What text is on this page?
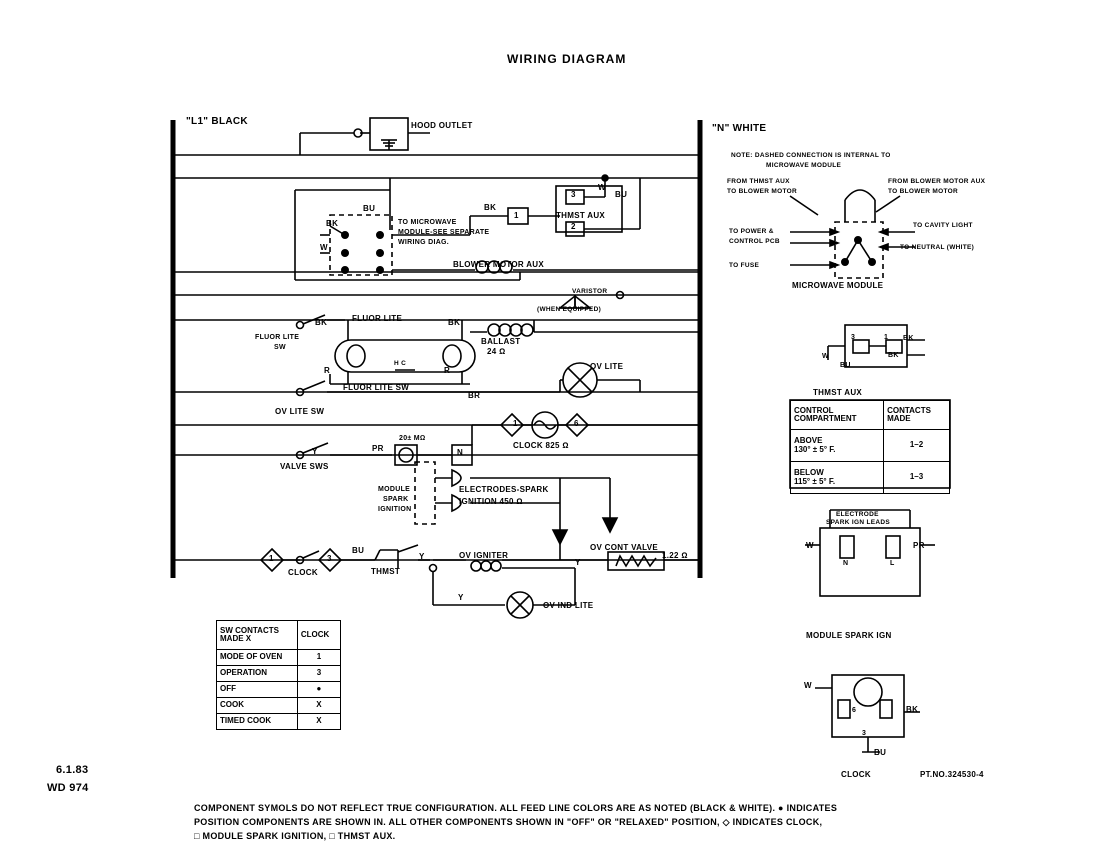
WIRING DIAGRAM
"L1" BLACK
"N" WHITE
HOOD OUTLET
TO MICROWAVE
MODULE-SEE SEPARATE
WIRING DIAG.
THMST AUX
BLOWER MOTOR AUX
VARISTOR
(WHEN EQUIPPED)
FLUOR LITE
FLUOR LITE
SW
FLUOR LITE SW
BALLAST
24 Ω
OV LITE
OV LITE SW
BR
VALVE SWS
20± MΩ
CLOCK 825 Ω
MODULE
SPARK
IGNITION
ELECTRODES-SPARK
IGNITION 450 Ω
CLOCK	THMST
OV IGNITER
OV CONT VALVE
1.22 Ω
OV IND LITE
BK
BU
W
BK
W
BU
BK	BK
R	R
Y	PR	N
BU
Y
Y
Y
1	6
1	3
1
3
2
H C
NOTE: DASHED CONNECTION IS INTERNAL TO
MICROWAVE MODULE
FROM THMST AUX
TO BLOWER MOTOR
FROM BLOWER MOTOR AUX
TO BLOWER MOTOR
TO POWER &
CONTROL PCB
TO CAVITY LIGHT
TO NEUTRAL (WHITE)
TO FUSE
MICROWAVE MODULE
THMST AUX
3	1
W
BU
BK
BK
ELECTRODE
SPARK IGN LEADS
W	PR
N	L
MODULE SPARK IGN
W
BK
BU
6
3
CLOCK	PT.NO.324530-4
CONTROL
COMPARTMENT	CONTACTS
MADE
ABOVE
130° ± 5° F.	1–2
BELOW
115° ± 5° F.	1–3
SW CONTACTS
MADE X	CLOCK
MODE OF OVEN	1
OPERATION	3
OFF	●
COOK	X
TIMED COOK	X
6.1.83
WD 974
COMPONENT SYMOLS DO NOT REFLECT TRUE CONFIGURATION. ALL FEED LINE COLORS ARE AS NOTED (BLACK & WHITE). ● INDICATES
POSITION COMPONENTS ARE SHOWN IN. ALL OTHER COMPONENTS SHOWN IN "OFF" OR "RELAXED" POSITION, ◇ INDICATES CLOCK,
□ MODULE SPARK IGNITION, □ THMST AUX.
